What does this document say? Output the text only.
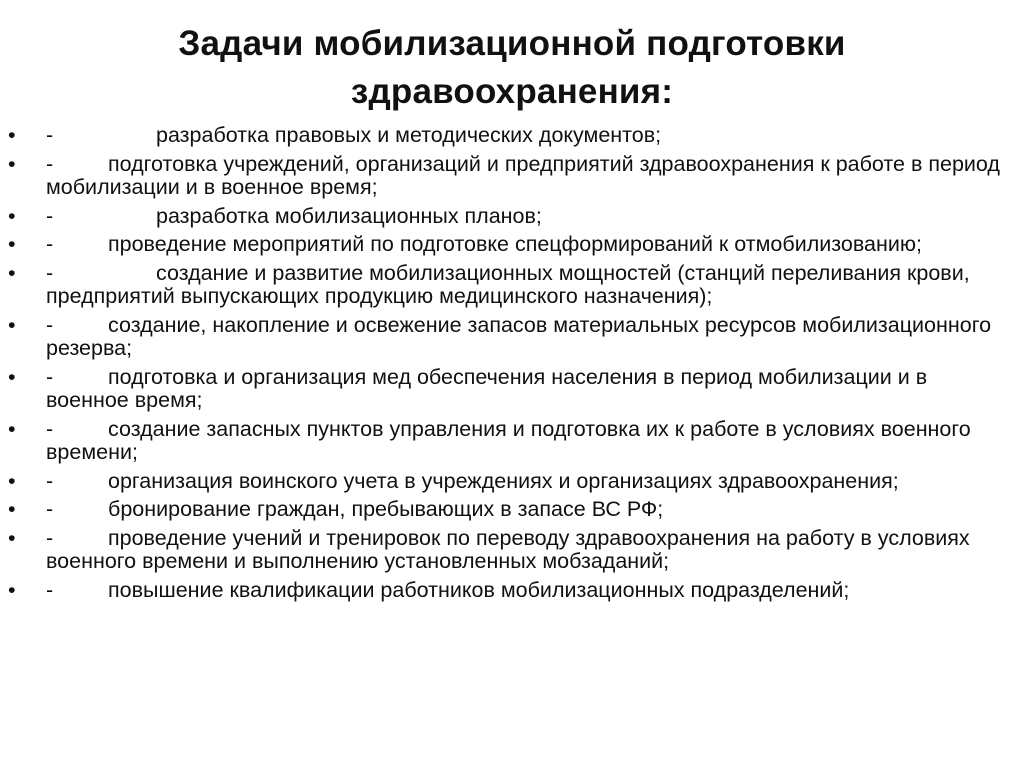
Задачи мобилизационной подготовки
здравоохранения:
• -	разработка правовых и методических документов;
• -	подготовка учреждений, организаций и предприятий здравоохранения к работе в период мобилизации и в военное время;
• -	разработка мобилизационных планов;
• -	проведение мероприятий по подготовке спецформирований к отмобилизованию;
• -	создание и развитие мобилизационных мощностей (станций переливания крови, предприятий выпускающих продукцию медицинского назначения);
• -	создание, накопление и освежение запасов материальных ресурсов мобилизационного резерва;
• -	подготовка и организация мед обеспечения населения в период мобилизации и в военное время;
• -	создание запасных пунктов управления и подготовка их к работе в условиях военного времени;
• -	организация воинского учета в учреждениях и организациях здравоохранения;
• -	бронирование граждан, пребывающих в запасе ВС РФ;
• -	проведение учений и тренировок по переводу здравоохранения на работу в условиях военного времени и выполнению установленных мобзаданий;
• -	повышение квалификации работников мобилизационных подразделений;
